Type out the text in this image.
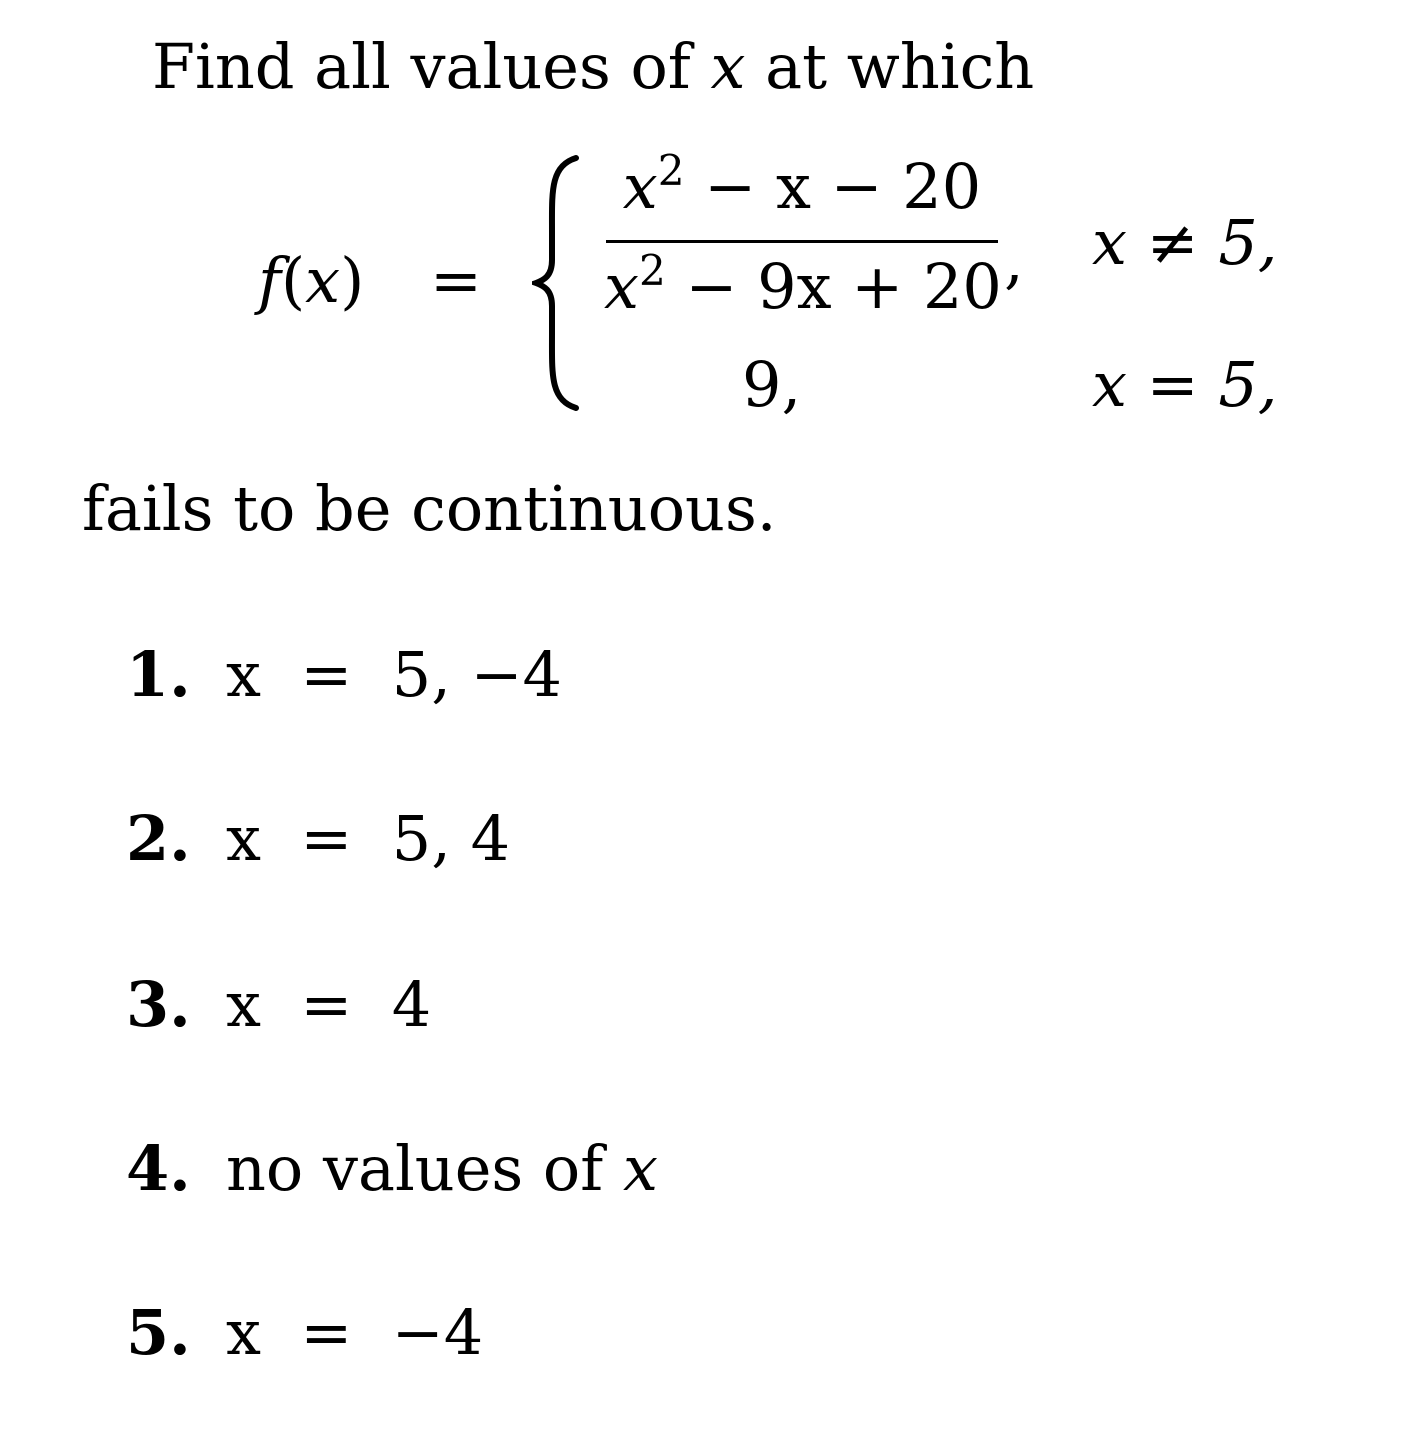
Find all values of x at which
f(x) =
$x^2 - x - 20$
$x^2 - 9x + 20$ , x ≠ 5,
9,	x = 5,
fails to be continuous.
1. x  =  5, −4
2. x  =  5, 4
3. x  =  4
4. no values of
x
5. x  =  −4
